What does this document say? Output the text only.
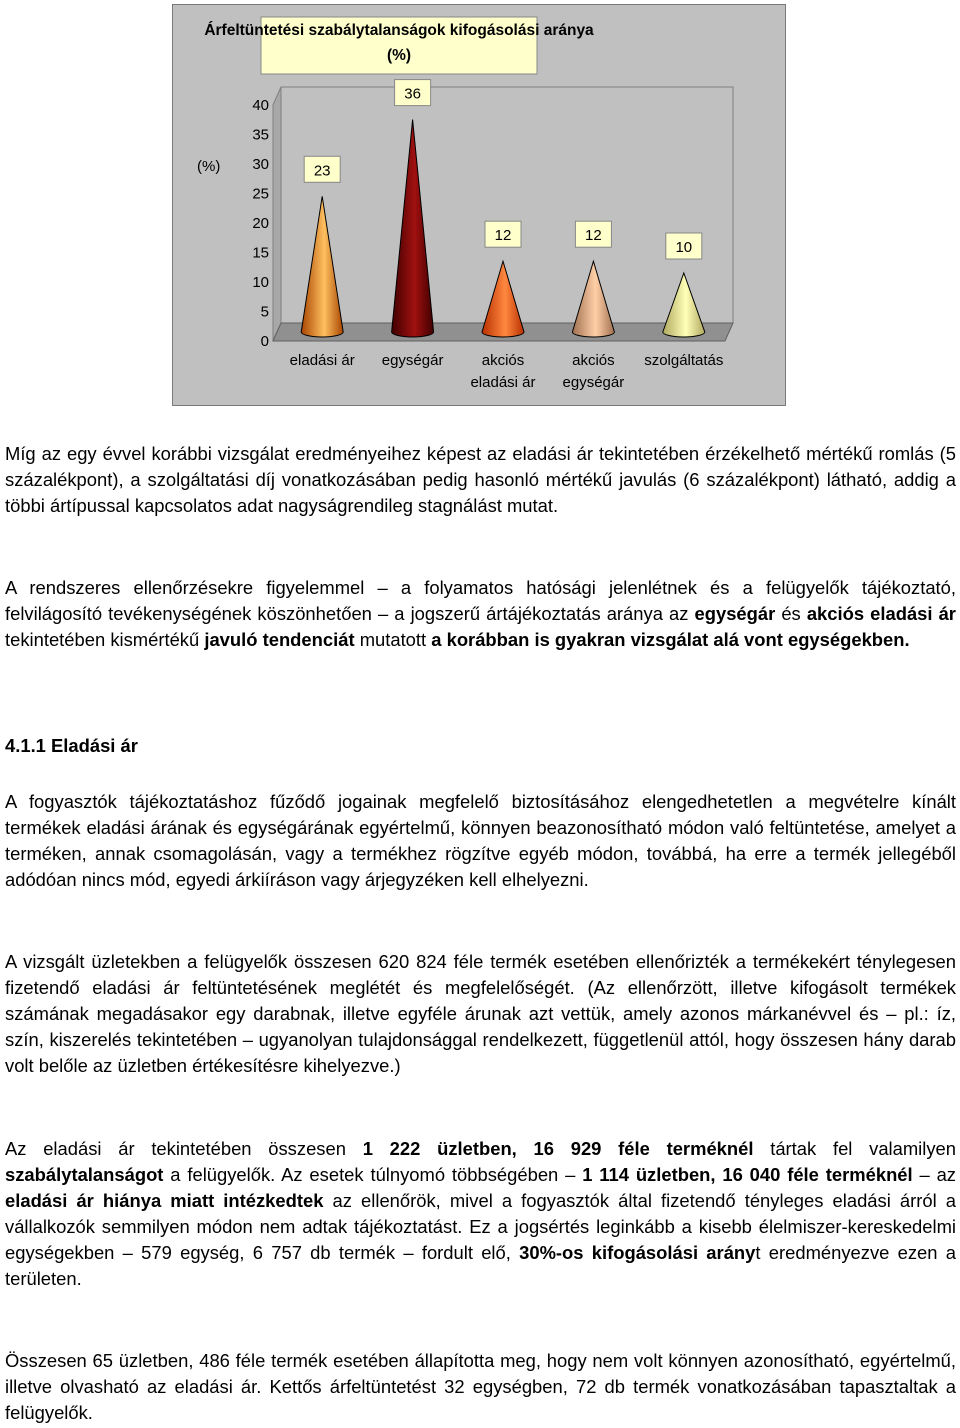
Árfeltüntetési szabálytalanságok kifogásolási aránya
(%)
(%)
0
5
10
15
20
25
30
35
40
23
eladási ár
36
egységár
12
akciós
eladási ár
12
akciós
egységár
10
szolgáltatás

Míg az egy évvel korábbi vizsgálat eredményeihez képest az eladási ár tekintetében érzékelhető mértékű romlás (5 százalékpont), a szolgáltatási díj vonatkozásában pedig hasonló mértékű javulás (6 százalékpont) látható, addig a többi ártípussal kapcsolatos adat nagyságrendileg stagnálást mutat.

A rendszeres ellenőrzésekre figyelemmel – a folyamatos hatósági jelenlétnek és a felügyelők tájékoztató, felvilágosító tevékenységének köszönhetően – a jogszerű ártájékoztatás aránya az egységár és akciós eladási ár tekintetében kismértékű javuló tendenciát mutatott a korábban is gyakran vizsgálat alá vont egységekben.

4.1.1 Eladási ár

A fogyasztók tájékoztatáshoz fűződő jogainak megfelelő biztosításához elengedhetetlen a megvételre kínált termékek eladási árának és egységárának egyértelmű, könnyen beazonosítható módon való feltüntetése, amelyet a terméken, annak csomagolásán, vagy a termékhez rögzítve egyéb módon, továbbá, ha erre a termék jellegéből adódóan nincs mód, egyedi árkiíráson vagy árjegyzéken kell elhelyezni.

A vizsgált üzletekben a felügyelők összesen 620 824 féle termék esetében ellenőrizték a termékekért ténylegesen fizetendő eladási ár feltüntetésének meglétét és megfelelőségét. (Az ellenőrzött, illetve kifogásolt termékek számának megadásakor egy darabnak, illetve egyféle árunak azt vettük, amely azonos márkanévvel és – pl.: íz, szín, kiszerelés tekintetében – ugyanolyan tulajdonsággal rendelkezett, függetlenül attól, hogy összesen hány darab volt belőle az üzletben értékesítésre kihelyezve.)

Az eladási ár tekintetében összesen 1 222 üzletben, 16 929 féle terméknél tártak fel valamilyen szabálytalanságot a felügyelők. Az esetek túlnyomó többségében – 1 114 üzletben, 16 040 féle terméknél – az eladási ár hiánya miatt intézkedtek az ellenőrök, mivel a fogyasztók által fizetendő tényleges eladási árról a vállalkozók semmilyen módon nem adtak tájékoztatást. Ez a jogsértés leginkább a kisebb élelmiszer-kereskedelmi egységekben – 579 egység, 6 757 db termék – fordult elő, 30%-os kifogásolási arányt eredményezve ezen a területen.

Összesen 65 üzletben, 486 féle termék esetében állapította meg, hogy nem volt könnyen azonosítható, egyértelmű, illetve olvasható az eladási ár. Kettős árfeltüntetést 32 egységben, 72 db termék vonatkozásában tapasztaltak a felügyelők.
